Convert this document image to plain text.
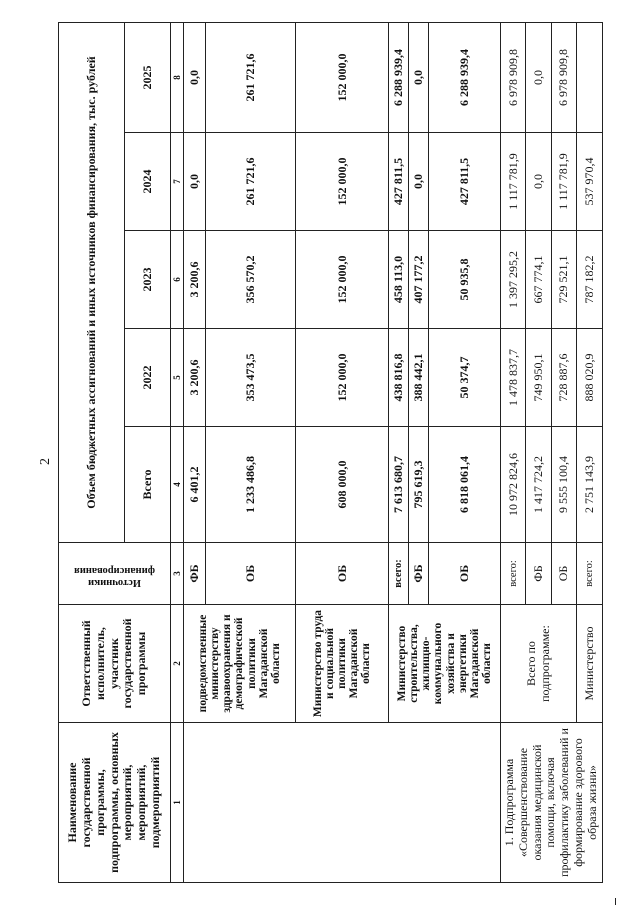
2
Наименование государственной программы, подпрограммы, основных мероприятий, мероприятий, подмероприятий	Ответственный исполнитель, участник государственной программы	Источники финансирования	Объем бюджетных ассигнований и иных источников финансирования, тыс. рублей				
			Всего	2022	2023	2024	2025
1	2	3	4	5	6	7	8
	подведомственные министерству здравоохранения и демографической политики Магаданской области	ФБ	6 401,2	3 200,6	3 200,6	0,0	0,0
		ОБ	1 233 486,8	353 473,5	356 570,2	261 721,6	261 721,6
	Министерство труда и социальной политики Магаданской области	ОБ	608 000,0	152 000,0	152 000,0	152 000,0	152 000,0
	Министерство строительства, жилищно-коммунального хозяйства и энергетики Магаданской области	всего:	7 613 680,7	438 816,8	458 113,0	427 811,5	6 288 939,4
		ФБ	795 619,3	388 442,1	407 177,2	0,0	0,0
		ОБ	6 818 061,4	50 374,7	50 935,8	427 811,5	6 288 939,4
1. Подпрограмма «Совершенствование оказания медицинской помощи, включая профилактику заболеваний и формирование здорового образа жизни»	Всего по подпрограмме:	всего:	10 972 824,6	1 478 837,7	1 397 295,2	1 117 781,9	6 978 909,8
		ФБ	1 417 724,2	749 950,1	667 774,1	0,0	0,0
		ОБ	9 555 100,4	728 887,6	729 521,1	1 117 781,9	6 978 909,8
	Министерство	всего:	2 751 143,9	888 020,9	787 182,2	537 970,4	
